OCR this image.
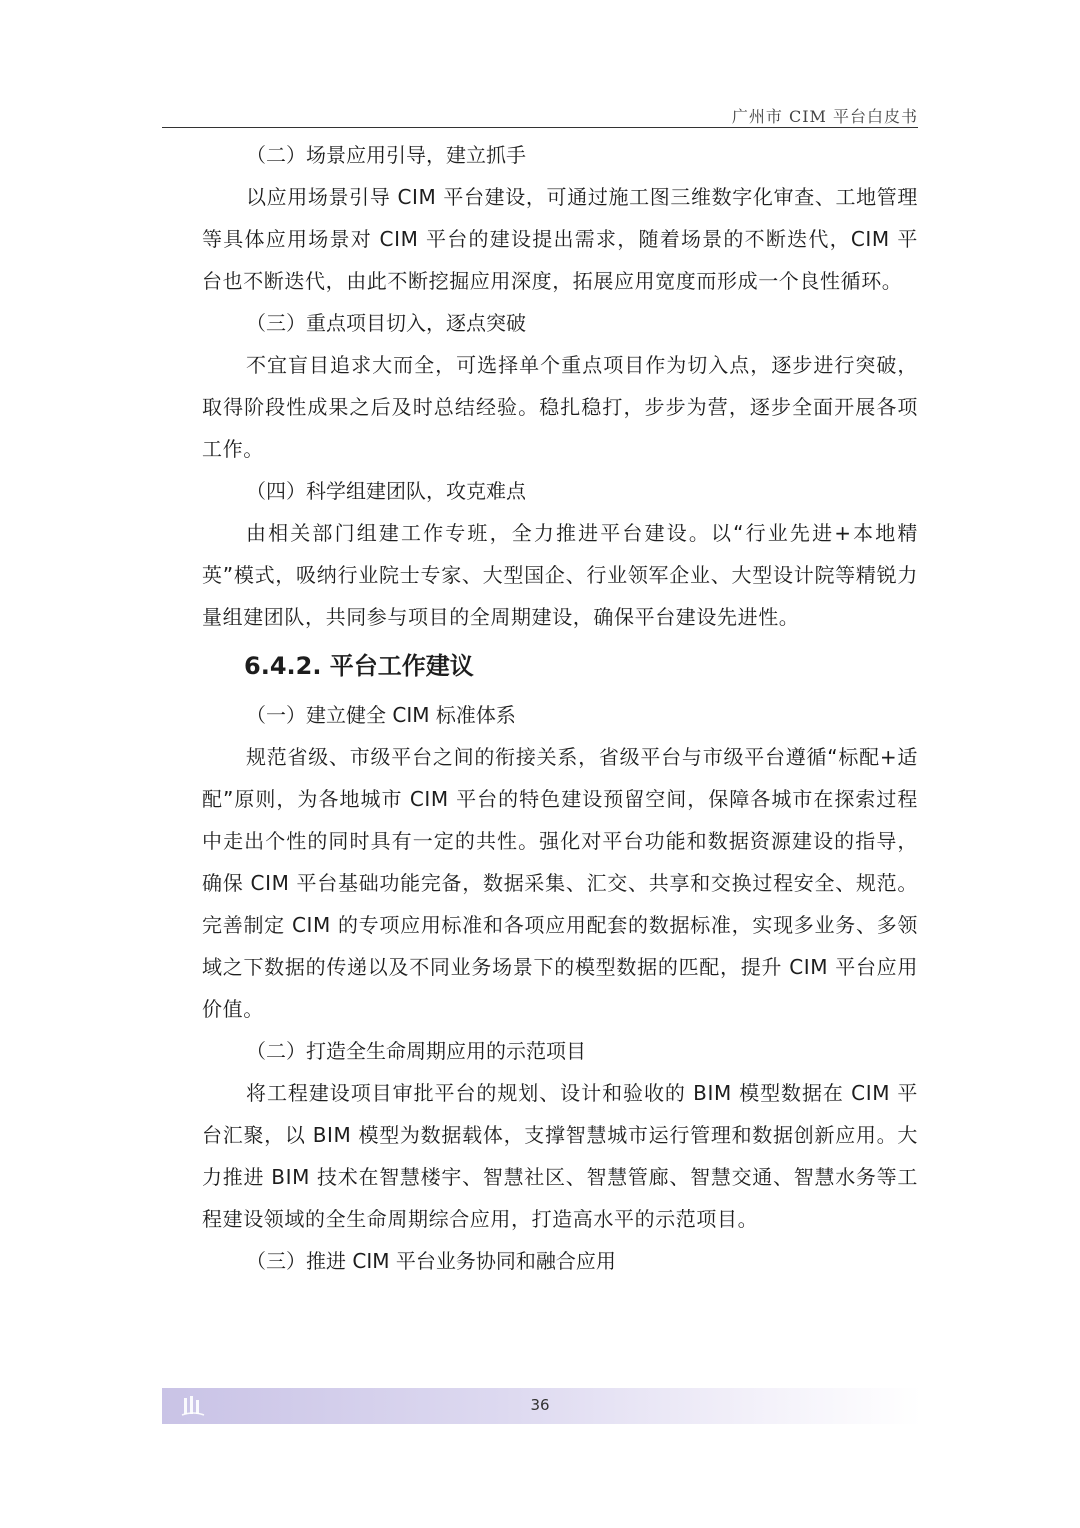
广州市 CIM 平台白皮书

（二）场景应用引导，建立抓手

以应用场景引导 CIM 平台建设，可通过施工图三维数字化审查、工地管理等具体应用场景对 CIM 平台的建设提出需求，随着场景的不断迭代，CIM 平台也不断迭代，由此不断挖掘应用深度，拓展应用宽度而形成一个良性循环。

（三）重点项目切入，逐点突破

不宜盲目追求大而全，可选择单个重点项目作为切入点，逐步进行突破，取得阶段性成果之后及时总结经验。稳扎稳打，步步为营，逐步全面开展各项工作。

（四）科学组建团队，攻克难点

由相关部门组建工作专班，全力推进平台建设。以“行业先进+本地精英”模式，吸纳行业院士专家、大型国企、行业领军企业、大型设计院等精锐力量组建团队，共同参与项目的全周期建设，确保平台建设先进性。

6.4.2. 平台工作建议

（一）建立健全 CIM 标准体系

规范省级、市级平台之间的衔接关系，省级平台与市级平台遵循“标配+适配”原则，为各地城市 CIM 平台的特色建设预留空间，保障各城市在探索过程中走出个性的同时具有一定的共性。强化对平台功能和数据资源建设的指导，确保 CIM 平台基础功能完备，数据采集、汇交、共享和交换过程安全、规范。完善制定 CIM 的专项应用标准和各项应用配套的数据标准，实现多业务、多领域之下数据的传递以及不同业务场景下的模型数据的匹配，提升 CIM 平台应用价值。

（二）打造全生命周期应用的示范项目

将工程建设项目审批平台的规划、设计和验收的 BIM 模型数据在 CIM 平台汇聚，以 BIM 模型为数据载体，支撑智慧城市运行管理和数据创新应用。大力推进 BIM 技术在智慧楼宇、智慧社区、智慧管廊、智慧交通、智慧水务等工程建设领域的全生命周期综合应用，打造高水平的示范项目。

（三）推进 CIM 平台业务协同和融合应用

36
